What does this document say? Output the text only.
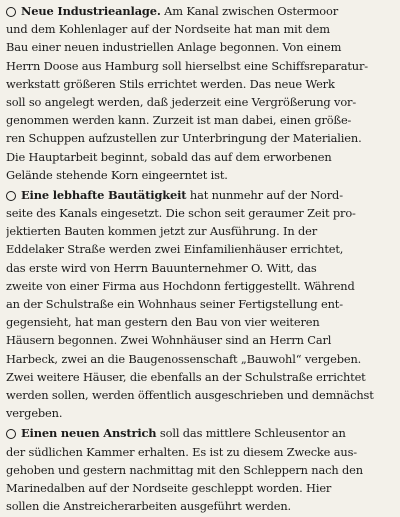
Neue Industrieanlage. Am Kanal zwischen Ostermoor
und dem Kohlenlager auf der Nordseite hat man mit dem
Bau einer neuen industriellen Anlage begonnen. Von einem
Herrn Doose aus Hamburg soll hierselbst eine Schiffsreparatur-
werkstatt größeren Stils errichtet werden. Das neue Werk
soll so angelegt werden, daß jederzeit eine Vergrößerung vor-
genommen werden kann. Zurzeit ist man dabei, einen größe-
ren Schuppen aufzustellen zur Unterbringung der Materialien.
Die Hauptarbeit beginnt, sobald das auf dem erworbenen
Gelände stehende Korn eingeerntet ist.
Eine lebhafte Bautätigkeit hat nunmehr auf der Nord-
seite des Kanals eingesetzt. Die schon seit geraumer Zeit pro-
jektierten Bauten kommen jetzt zur Ausführung. In der
Eddelaker Straße werden zwei Einfamilienhäuser errichtet,
das erste wird von Herrn Bauunternehmer O. Witt, das
zweite von einer Firma aus Hochdonn fertiggestellt. Während
an der Schulstraße ein Wohnhaus seiner Fertigstellung ent-
gegensieht, hat man gestern den Bau von vier weiteren
Häusern begonnen. Zwei Wohnhäuser sind an Herrn Carl
Harbeck, zwei an die Baugenossenschaft „Bauwohl“ vergeben.
Zwei weitere Häuser, die ebenfalls an der Schulstraße errichtet
werden sollen, werden öffentlich ausgeschrieben und demnächst
vergeben.
Einen neuen Anstrich soll das mittlere Schleusentor an
der südlichen Kammer erhalten. Es ist zu diesem Zwecke aus-
gehoben und gestern nachmittag mit den Schleppern nach den
Marinedalben auf der Nordseite geschleppt worden. Hier
sollen die Anstreicherarbeiten ausgeführt werden.
